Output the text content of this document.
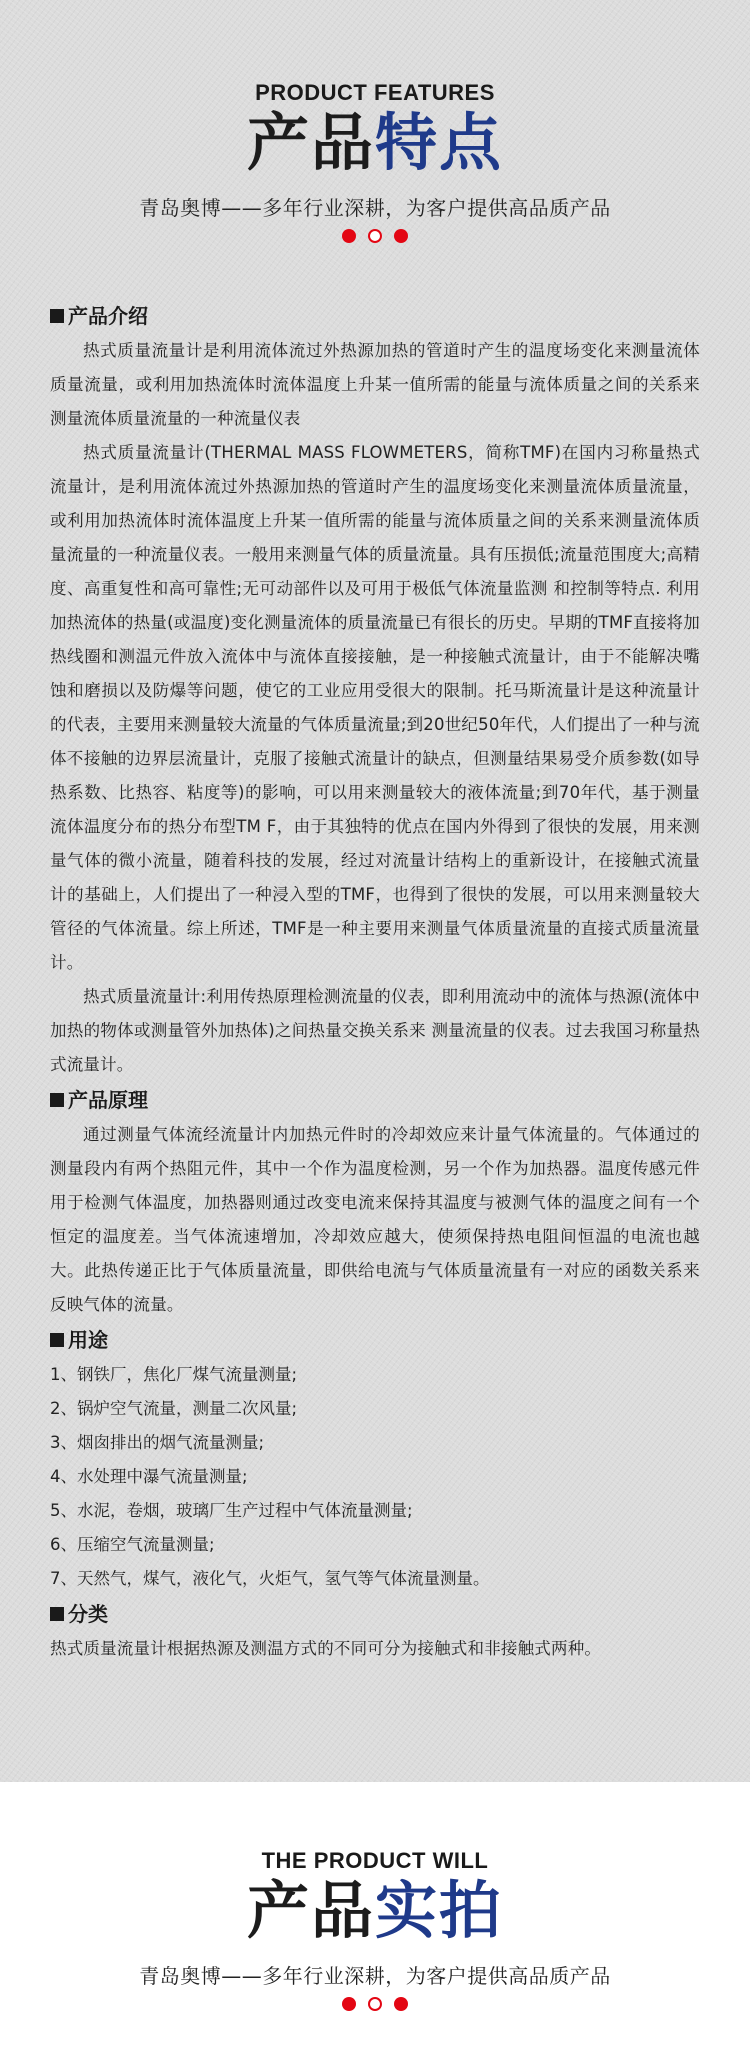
PRODUCT FEATURES
产品特点
青岛奥博——多年行业深耕，为客户提供高品质产品
产品介绍

热式质量流量计是利用流体流过外热源加热的管道时产生的温度场变化来测量流体质量流量，或利用加热流体时流体温度上升某一值所需的能量与流体质量之间的关系来测量流体质量流量的一种流量仪表

热式质量流量计(THERMAL MASS FLOWMETERS，简称TMF)在国内习称量热式流量计，是利用流体流过外热源加热的管道时产生的温度场变化来测量流体质量流量，或利用加热流体时流体温度上升某一值所需的能量与流体质量之间的关系来测量流体质量流量的一种流量仪表。一般用来测量气体的质量流量。具有压损低;流量范围度大;高精度、高重复性和高可靠性;无可动部件以及可用于极低气体流量监测 和控制等特点. 利用加热流体的热量(或温度)变化测量流体的质量流量已有很长的历史。早期的TMF直接将加热线圈和测温元件放入流体中与流体直接接触，是一种接触式流量计，由于不能解决嘴蚀和磨损以及防爆等问题，使它的工业应用受很大的限制。托马斯流量计是这种流量计的代表，主要用来测量较大流量的气体质量流量;到20世纪50年代，人们提出了一种与流体不接触的边界层流量计，克服了接触式流量计的缺点，但测量结果易受介质参数(如导热系数、比热容、粘度等)的影响，可以用来测量较大的液体流量;到70年代，基于测量流体温度分布的热分布型TM F，由于其独特的优点在国内外得到了很快的发展，用来测量气体的微小流量，随着科技的发展，经过对流量计结构上的重新设计，在接触式流量计的基础上，人们提出了一种浸入型的TMF，也得到了很快的发展，可以用来测量较大管径的气体流量。综上所述，TMF是一种主要用来测量气体质量流量的直接式质量流量计。

热式质量流量计:利用传热原理检测流量的仪表，即利用流动中的流体与热源(流体中加热的物体或测量管外加热体)之间热量交换关系来 测量流量的仪表。过去我国习称量热式流量计。

产品原理

通过测量气体流经流量计内加热元件时的冷却效应来计量气体流量的。气体通过的测量段内有两个热阻元件，其中一个作为温度检测，另一个作为加热器。温度传感元件用于检测气体温度，加热器则通过改变电流来保持其温度与被测气体的温度之间有一个恒定的温度差。当气体流速增加，冷却效应越大，使须保持热电阻间恒温的电流也越大。此热传递正比于气体质量流量，即供给电流与气体质量流量有一对应的函数关系来反映气体的流量。

用途
1、钢铁厂，焦化厂煤气流量测量;
2、锅炉空气流量，测量二次风量;
3、烟囱排出的烟气流量测量;
4、水处理中瀑气流量测量;
5、水泥，卷烟，玻璃厂生产过程中气体流量测量;
6、压缩空气流量测量;
7、天然气，煤气，液化气，火炬气，氢气等气体流量测量。
分类

热式质量流量计根据热源及测温方式的不同可分为接触式和非接触式两种。

THE PRODUCT WILL
产品实拍
青岛奥博——多年行业深耕，为客户提供高品质产品
